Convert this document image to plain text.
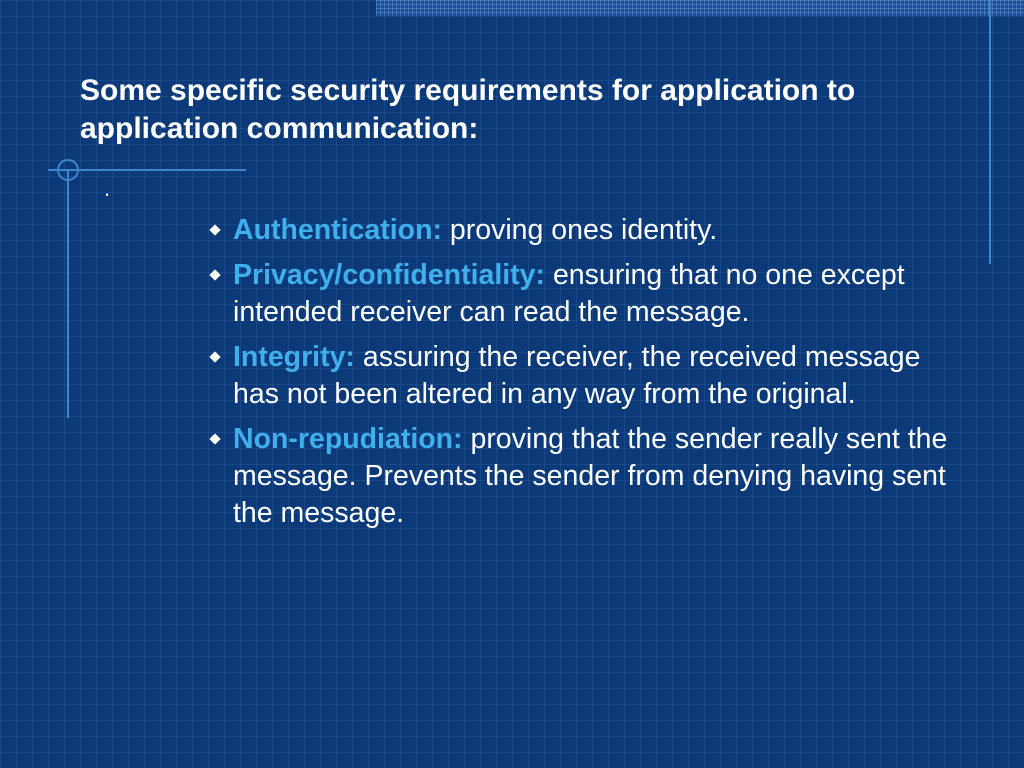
Some specific security requirements for application to application communication:
.
Authentication: proving ones identity.
Privacy/confidentiality: ensuring that no one except intended receiver can read the message.
Integrity: assuring the receiver, the received message has not been altered in any way from the original.
Non-repudiation: proving that the sender really sent the message. Prevents the sender from denying having sent the message.
